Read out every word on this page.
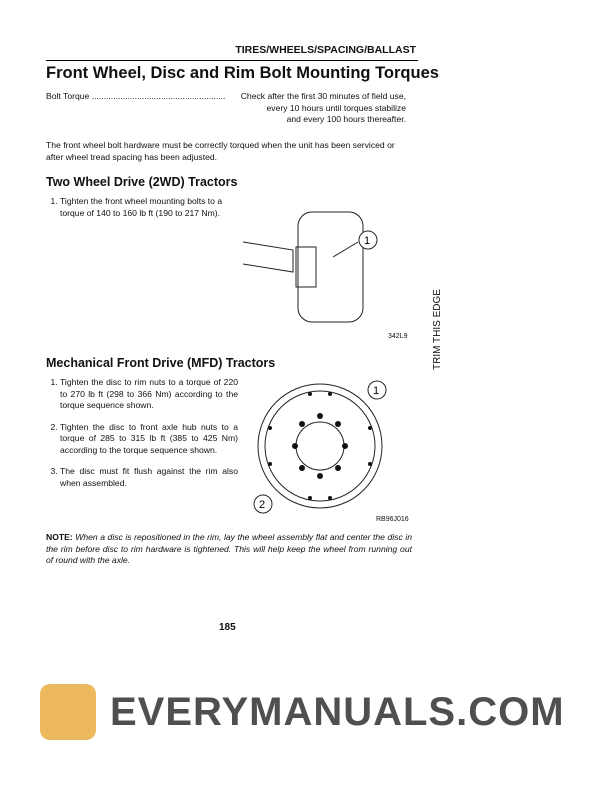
TIRES/WHEELS/SPACING/BALLAST
Front Wheel, Disc and Rim Bolt Mounting Torques
Bolt Torque ........................................................	Check after the first 30 minutes of field use,
every 10 hours until torques stabilize
and every 100 hours thereafter.
The front wheel bolt hardware must be correctly torqued when the unit has been serviced or after wheel tread spacing has been adjusted.
Two Wheel Drive (2WD) Tractors
1. Tighten the front wheel mounting bolts to a torque of 140 to 160 lb ft (190 to 217 Nm).
1
342L9
Mechanical Front Drive (MFD) Tractors
1. Tighten the disc to rim nuts to a torque of 220 to 270 lb ft (298 to 366 Nm) according to the torque sequence shown.
2. Tighten the disc to front axle hub nuts to a torque of 285 to 315 lb ft (385 to 425 Nm) according to the torque sequence shown.
3. The disc must fit flush against the rim also when assembled.
1
2
RB96J016
NOTE: When a disc is repositioned in the rim, lay the wheel assembly flat and center the disc in the rim before disc to rim hardware is tightened. This will help keep the wheel from running out of round with the axle.
185
TRIM THIS EDGE
EVERYMANUALS.COM
